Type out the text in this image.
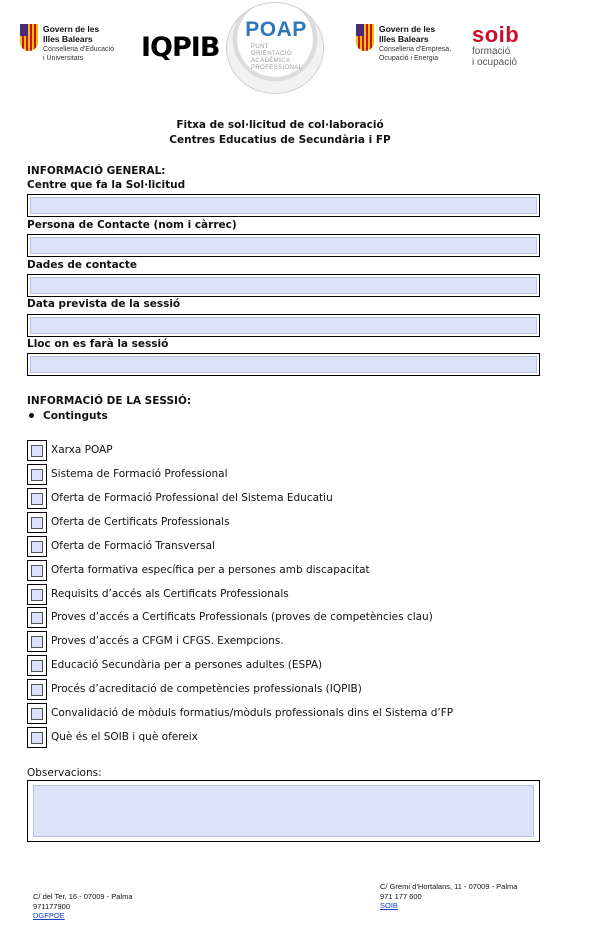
Govern de les
Illes Balears
Conselleria d'Educació
i Universitats	IQPIB
POAP
PUNT
ORIENTACIÓ
ACADÈMICA
PROFESSIONAL
Govern de les
Illes Balears
Conselleria d'Empresa,
Ocupació i Energia
soib
formació
i ocupació
Fitxa de sol·licitud de col·laboració
Centres Educatius de Secundària i FP
INFORMACIÓ GENERAL:
Centre que fa la Sol·licitud
Persona de Contacte (nom i càrrec)
Dades de contacte
Data prevista de la sessió
Lloc on es farà la sessió
INFORMACIÓ DE LA SESSIÓ:
Continguts
Xarxa POAP
Sistema de Formació Professional
Oferta de Formació Professional del Sistema Educatiu
Oferta de Certificats Professionals
Oferta de Formació Transversal
Oferta formativa específica per a persones amb discapacitat
Requisits d’accés als Certificats Professionals
Proves d’accés a Certificats Professionals (proves de competències clau)
Proves d’accés a CFGM i CFGS. Exempcions.
Educació Secundària per a persones adultes (ESPA)
Procés d’acreditació de competències professionals (IQPIB)
Convalidació de mòduls formatius/mòduls professionals dins el Sistema d’FP
Què és el SOIB i què ofereix
Observacions:
C/ del Ter, 16 - 07009 - Palma
971177900
DGFPOE
C/ Gremi d’Hortalans, 11 - 07009 - Palma
971 177 600
SOIB
